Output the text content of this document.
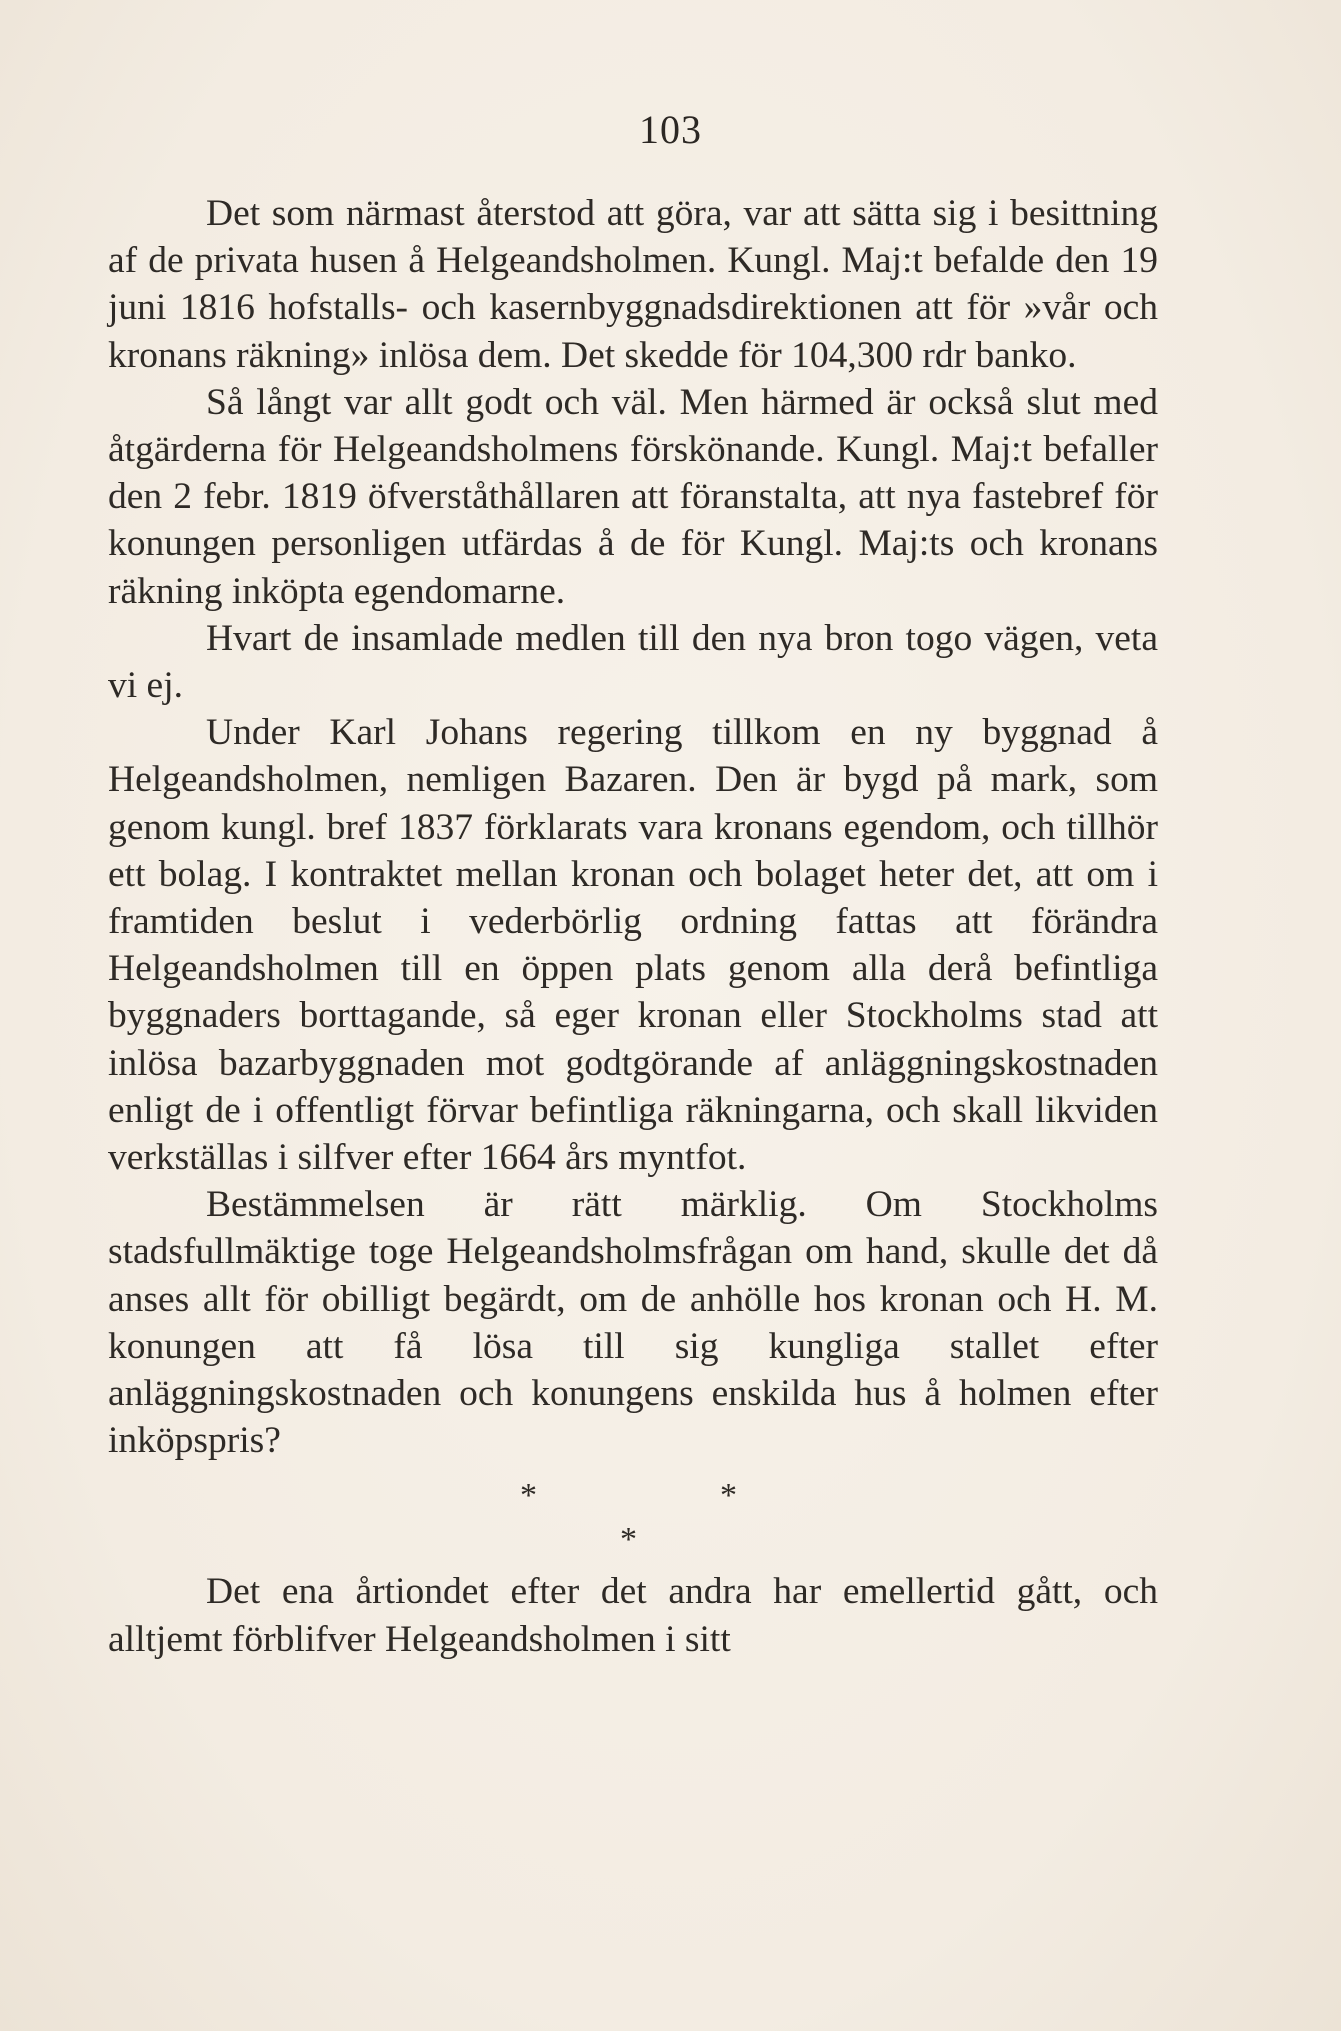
103

Det som närmast återstod att göra, var att sätta sig i besittning af de privata husen å Helgeandsholmen. Kungl. Maj:t befalde den 19 juni 1816 hofstalls- och kasernbyggnadsdirektionen att för »vår och kronans räkning» inlösa dem. Det skedde för 104,300 rdr banko.

Så långt var allt godt och väl. Men härmed är också slut med åtgärderna för Helgeandsholmens förskönande. Kungl. Maj:t befaller den 2 febr. 1819 öfverståthållaren att föranstalta, att nya fastebref för konungen personligen utfärdas å de för Kungl. Maj:ts och kronans räkning inköpta egendomarne.

Hvart de insamlade medlen till den nya bron togo vägen, veta vi ej.

Under Karl Johans regering tillkom en ny byggnad å Helgeandsholmen, nemligen Bazaren. Den är bygd på mark, som genom kungl. bref 1837 förklarats vara kronans egendom, och tillhör ett bolag. I kontraktet mellan kronan och bolaget heter det, att om i framtiden beslut i vederbörlig ordning fattas att förändra Helgeandsholmen till en öppen plats genom alla derå befintliga byggnaders borttagande, så eger kronan eller Stockholms stad att inlösa bazarbyggnaden mot godtgörande af anläggningskostnaden enligt de i offentligt förvar befintliga räkningarna, och skall likviden verkställas i silfver efter 1664 års myntfot.

Bestämmelsen är rätt märklig. Om Stockholms stadsfullmäktige toge Helgeandsholmsfrågan om hand, skulle det då anses allt för obilligt begärdt, om de anhölle hos kronan och H. M. konungen att få lösa till sig kungliga stallet efter anläggningskostnaden och konungens enskilda hus å holmen efter inköpspris?

*	*
*

Det ena årtiondet efter det andra har emellertid gått, och alltjemt förblifver Helgeandsholmen i sitt
